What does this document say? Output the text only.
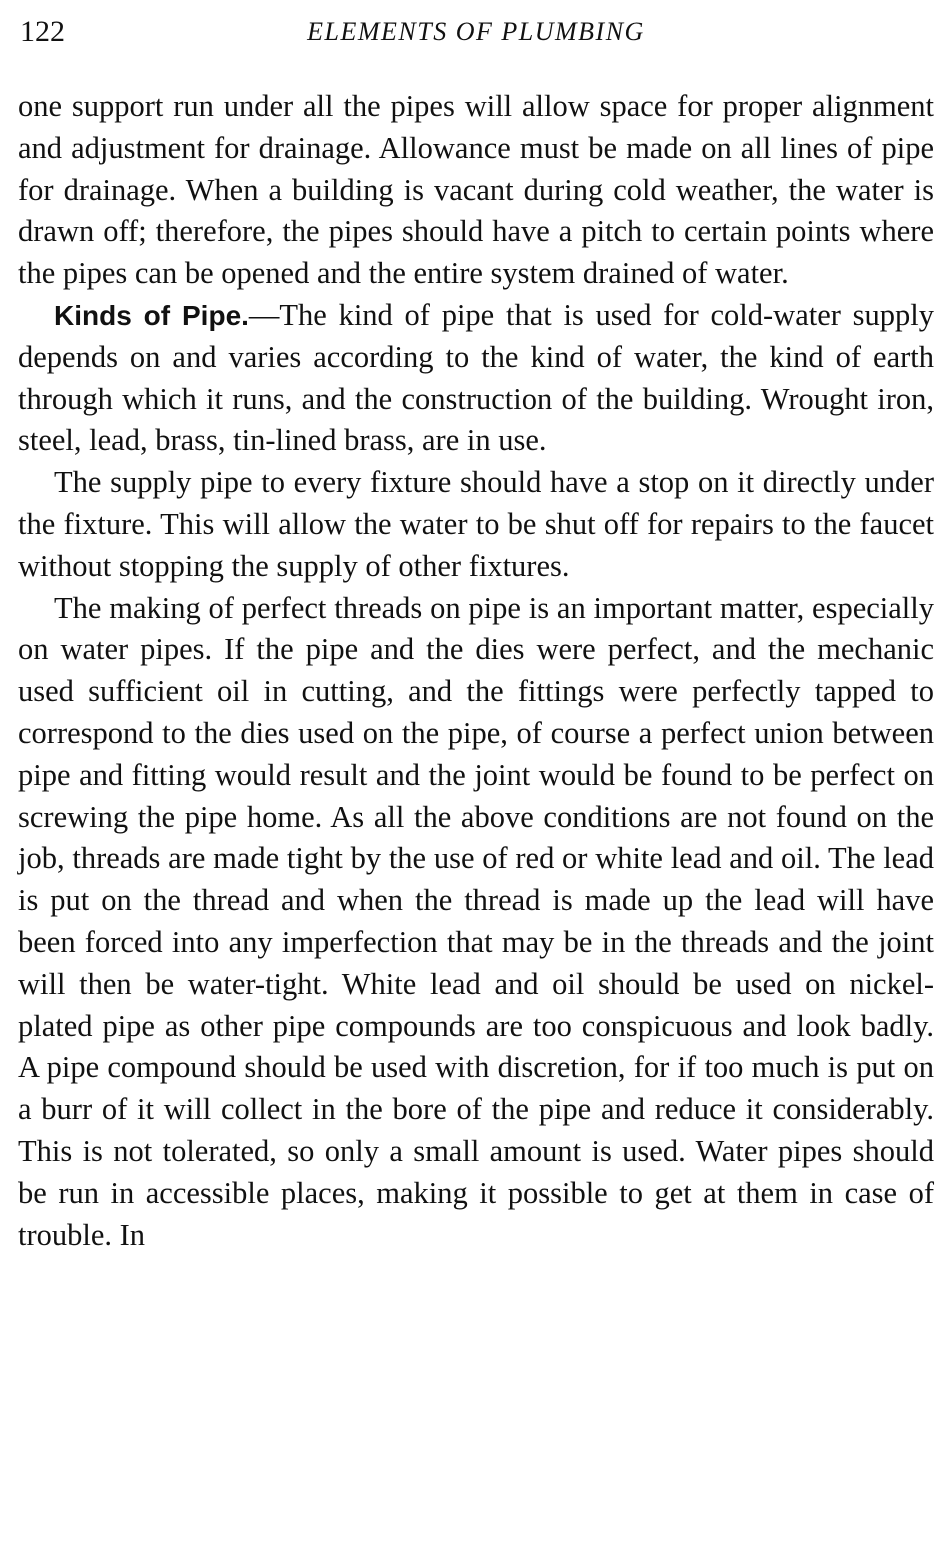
122	ELEMENTS OF PLUMBING

one support run under all the pipes will allow space for proper alignment and adjustment for drainage. Allowance must be made on all lines of pipe for drainage. When a building is vacant during cold weather, the water is drawn off; therefore, the pipes should have a pitch to certain points where the pipes can be opened and the entire system drained of water.

Kinds of Pipe.—The kind of pipe that is used for cold-water supply depends on and varies according to the kind of water, the kind of earth through which it runs, and the construction of the building. Wrought iron, steel, lead, brass, tin-lined brass, are in use.

The supply pipe to every fixture should have a stop on it directly under the fixture. This will allow the water to be shut off for repairs to the faucet without stopping the supply of other fixtures.

The making of perfect threads on pipe is an important matter, especially on water pipes. If the pipe and the dies were perfect, and the mechanic used sufficient oil in cutting, and the fittings were perfectly tapped to correspond to the dies used on the pipe, of course a perfect union between pipe and fitting would result and the joint would be found to be perfect on screwing the pipe home. As all the above conditions are not found on the job, threads are made tight by the use of red or white lead and oil. The lead is put on the thread and when the thread is made up the lead will have been forced into any imperfection that may be in the threads and the joint will then be water-tight. White lead and oil should be used on nickel-plated pipe as other pipe compounds are too conspicuous and look badly. A pipe compound should be used with discretion, for if too much is put on a burr of it will collect in the bore of the pipe and reduce it considerably. This is not tolerated, so only a small amount is used. Water pipes should be run in accessible places, making it possible to get at them in case of trouble. In
